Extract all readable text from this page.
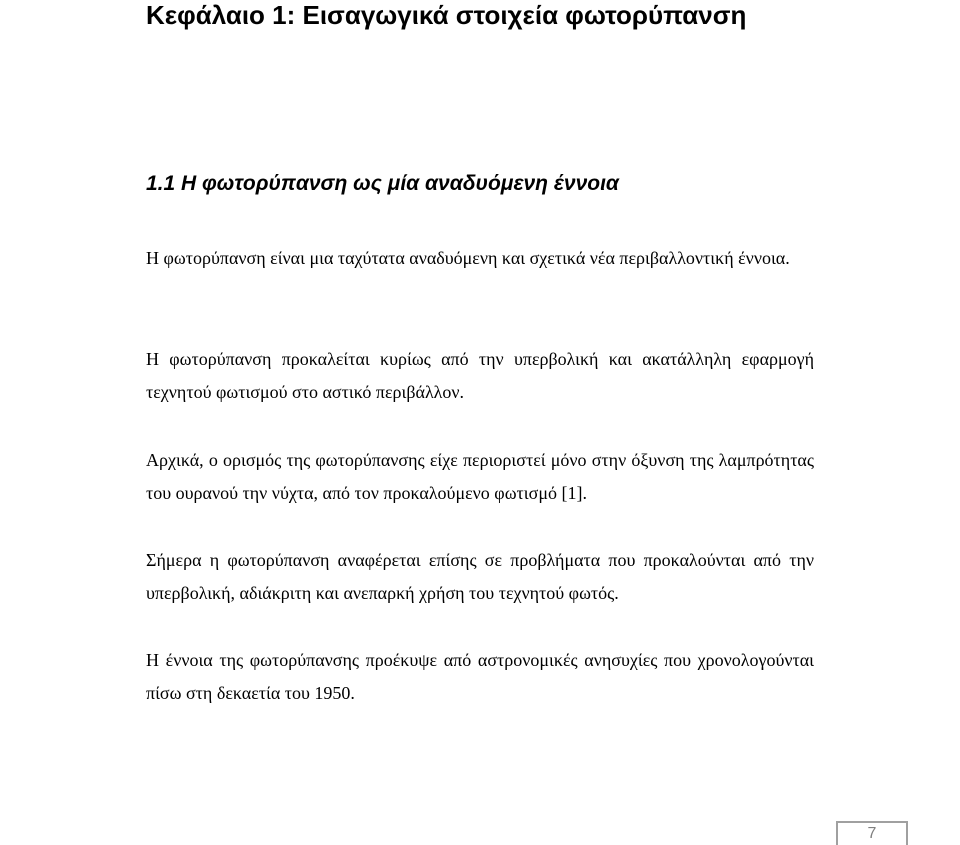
Κεφάλαιο 1: Εισαγωγικά στοιχεία φωτορύπανση
1.1 Η φωτορύπανση ως μία αναδυόμενη έννοια

Η φωτορύπανση είναι μια ταχύτατα αναδυόμενη και σχετικά νέα περιβαλλοντική έννοια.

Η φωτορύπανση προκαλείται κυρίως από την υπερβολική και ακατάλληλη εφαρμογή τεχνητού φωτισμού στο αστικό περιβάλλον.

Αρχικά, ο ορισμός της φωτορύπανσης είχε περιοριστεί μόνο στην όξυνση της λαμπρότητας του ουρανού την νύχτα, από τον προκαλούμενο φωτισμό [1].

Σήμερα η φωτορύπανση αναφέρεται επίσης σε προβλήματα που προκαλούνται από την υπερβολική, αδιάκριτη και ανεπαρκή χρήση του τεχνητού φωτός.

Η έννοια της φωτορύπανσης προέκυψε από αστρονομικές ανησυχίες που χρονολογούνται πίσω στη δεκαετία του 1950.

7
